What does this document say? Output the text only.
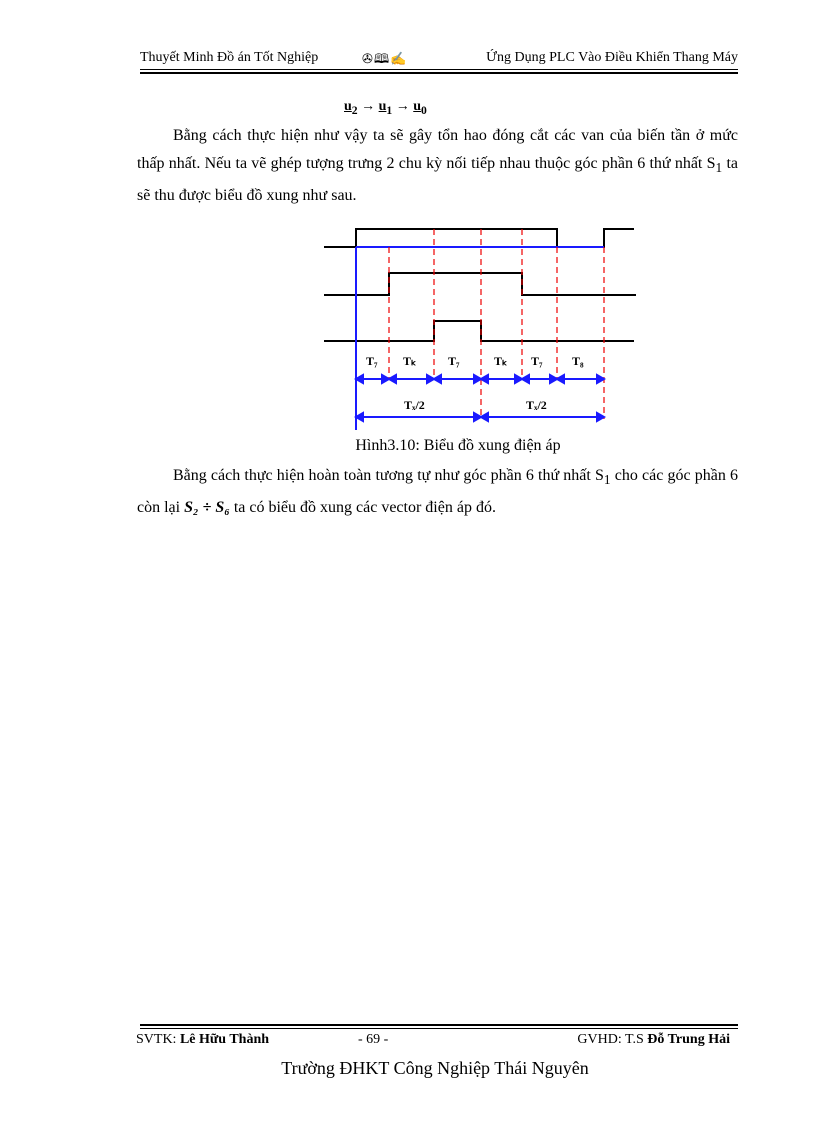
Thuyết Minh Đồ án Tốt Nghiệp	✇🕮✍	Ứng Dụng PLC Vào Điều Khiển Thang Máy
$u_2 \to u_1 \to u_0$
Bằng cách thực hiện như vậy ta sẽ gây tổn hao đóng cắt các van của biến tần ở mức thấp nhất. Nếu ta vẽ ghép tượng trưng 2 chu kỳ nối tiếp nhau thuộc góc phần 6 thứ nhất $S_1$ ta sẽ thu được biểu đồ xung như sau.
T₇ Tₖ	T₇	Tₖ T₇ T₈
Tₓ/2	Tₓ/2
Hình3.10: Biểu đồ xung điện áp
Bằng cách thực hiện hoàn toàn tương tự như góc phần 6 thứ nhất $S_1$ cho các góc phần 6 còn lại S₂ ÷ S₆ ta có biểu đồ xung các vector điện áp đó.
SVTK: Lê Hữu Thành	- 69 -	GVHD: T.S Đỗ Trung Hải
Trường ĐHKT Công Nghiệp Thái Nguyên
